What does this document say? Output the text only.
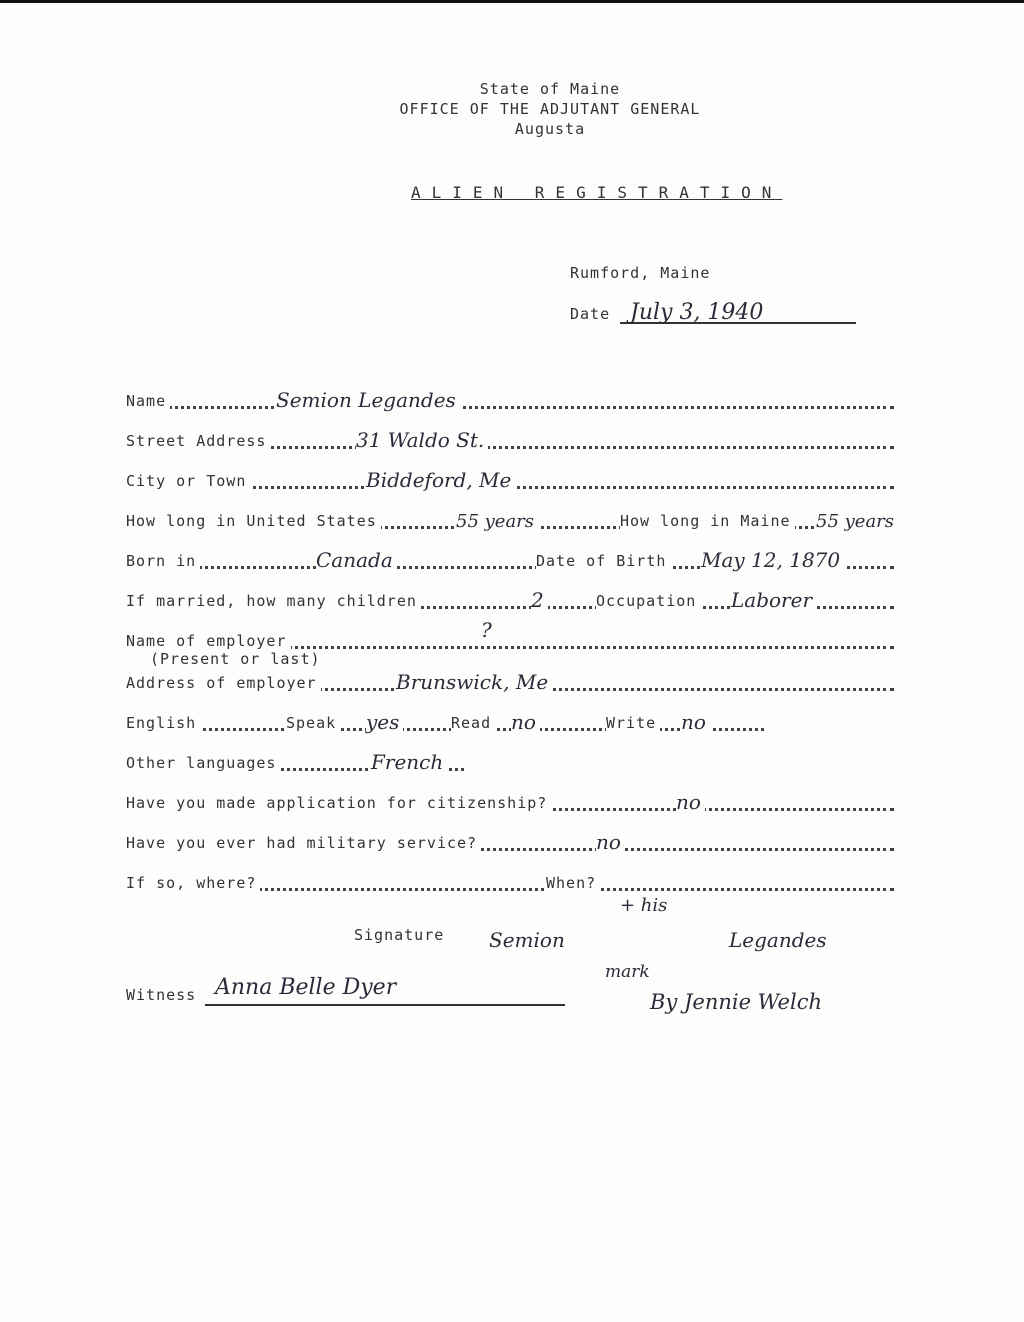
State of Maine
OFFICE OF THE ADJUTANT GENERAL
Augusta
ALIEN REGISTRATION
Rumford, Maine
Date July 3, 1940
Name	Semion Legandes
Street Address	31 Waldo St.
City or Town	Biddeford, Me
How long in United States	55 years	How long in Maine 55 years
Born in	Canada	Date of Birth May 12, 1870
If married, how many children	2	Occupation Laborer
Name of employer	?
(Present or last)
Address of employer	Brunswick, Me
English	Speak yes	Read no	Write no
Other languages	French
Have you made application for citizenship?	no
Have you ever had military service?	no
If so, where?	When?
Signature Semion	Legandes
+ his
mark
By Jennie Welch
Witness Anna Belle Dyer
